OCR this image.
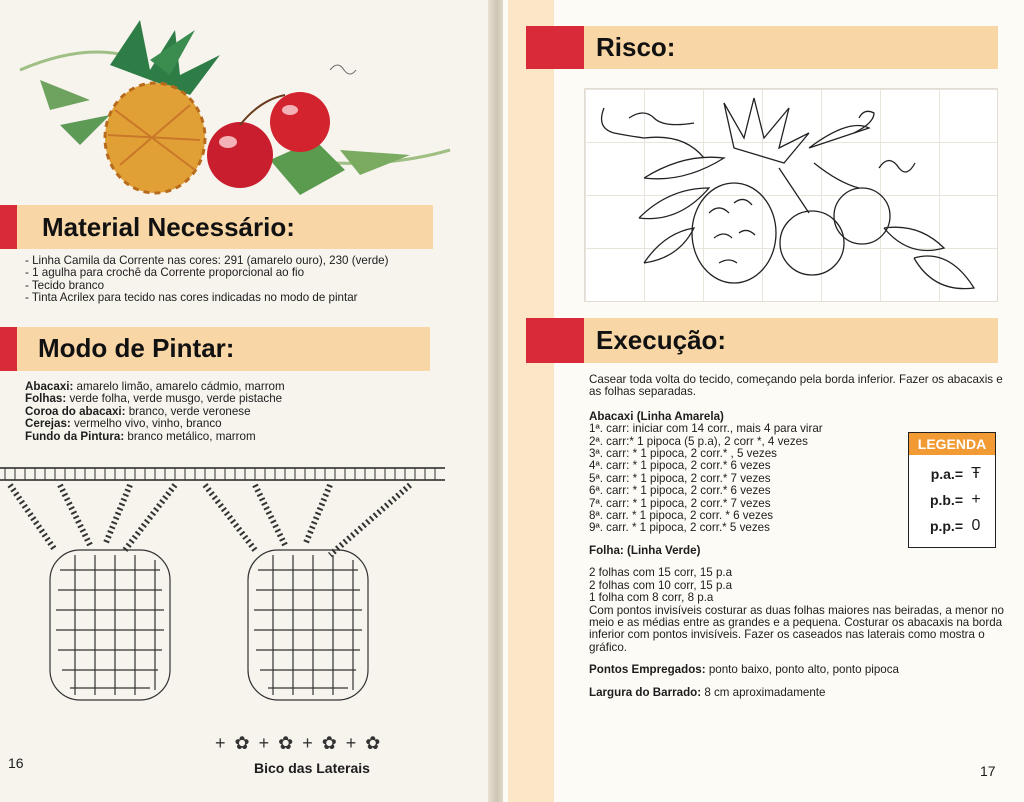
Material Necessário:

- Linha Camila da Corrente nas cores: 291 (amarelo ouro), 230 (verde)

- 1 agulha para crochê da Corrente proporcional ao fio

- Tecido branco

- Tinta Acrilex para tecido nas cores indicadas no modo de pintar

Modo de Pintar:

Abacaxi: amarelo limão, amarelo cádmio, marrom

Folhas: verde folha, verde musgo, verde pistache

Coroa do abacaxi: branco, verde veronese

Cerejas: vermelho vivo, vinho, branco

Fundo da Pintura: branco metálico, marrom

+ ✿ + ✿ + ✿ + ✿
Bico das Laterais
16
Risco:
Execução:

Casear toda volta do tecido, começando pela borda inferior. Fazer os abacaxis e as folhas separadas.

Abacaxi (Linha Amarela)

1ª. carr: iniciar com 14 corr., mais 4 para virar

2ª. carr:* 1 pipoca (5 p.a), 2 corr *, 4 vezes

3ª. carr: * 1 pipoca, 2 corr.* , 5 vezes

4ª. carr: * 1 pipoca, 2 corr.* 6 vezes

5ª. carr: * 1 pipoca, 2 corr.* 7 vezes

6ª. carr: * 1 pipoca, 2 corr.* 6 vezes

7ª. carr: * 1 pipoca, 2 corr.* 7 vezes

8ª. carr. * 1 pipoca, 2 corr. * 6 vezes

9ª. carr. * 1 pipoca, 2 corr.* 5 vezes

Folha: (Linha Verde)

2 folhas com 15 corr, 15 p.a

2 folhas com 10 corr, 15 p.a

1 folha com 8 corr, 8 p.a

Com pontos invisíveis costurar as duas folhas maiores nas beiradas, a menor no meio e as médias entre as grandes e a pequena. Costurar os abacaxis na borda inferior com pontos invisíveis. Fazer os caseados nas laterais como mostra o gráfico.

Pontos Empregados: ponto baixo, ponto alto, ponto pipoca

Largura do Barrado: 8 cm aproximadamente

LEGENDA
p.a.= Ŧ
p.b.= +
p.p.= 0
17
